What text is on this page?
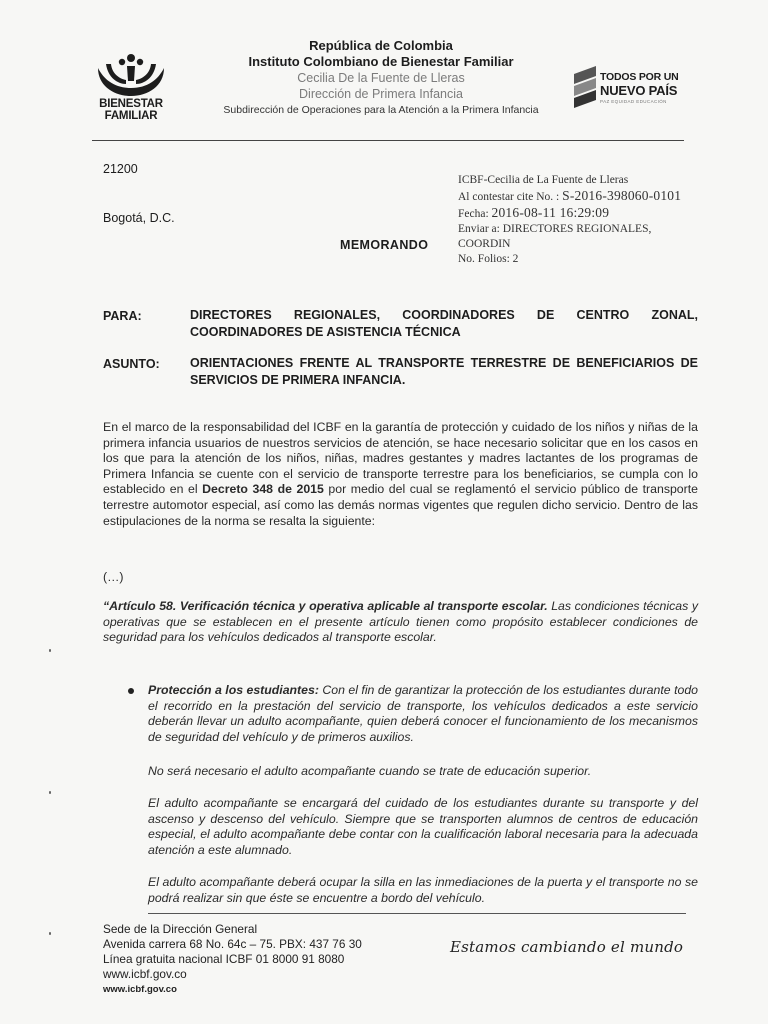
BIENESTAR FAMILIAR
República de Colombia
Instituto Colombiano de Bienestar Familiar
Cecilia De la Fuente de Lleras
Dirección de Primera Infancia
Subdirección de Operaciones para la Atención a la Primera Infancia
TODOS POR UN
NUEVO PAÍS
PAZ EQUIDAD EDUCACIÓN
21200
Bogotá, D.C.
ICBF-Cecilia de La Fuente de Lleras
Al contestar cite No. : S-2016-398060-0101
Fecha: 2016-08-11 16:29:09
Enviar a: DIRECTORES REGIONALES,
COORDIN
No. Folios: 2
MEMORANDO
PARA:	DIRECTORES REGIONALES, COORDINADORES DE CENTRO ZONAL, COORDINADORES DE ASISTENCIA TÉCNICA
ASUNTO: ORIENTACIONES FRENTE AL TRANSPORTE TERRESTRE DE BENEFICIARIOS DE SERVICIOS DE PRIMERA INFANCIA.
En el marco de la responsabilidad del ICBF en la garantía de protección y cuidado de los niños y niñas de la primera infancia usuarios de nuestros servicios de atención, se hace necesario solicitar que en los casos en los que para la atención de los niños, niñas, madres gestantes y madres lactantes de los programas de Primera Infancia se cuente con el servicio de transporte terrestre para los beneficiarios, se cumpla con lo establecido en el Decreto 348 de 2015 por medio del cual se reglamentó el servicio público de transporte terrestre automotor especial, así como las demás normas vigentes que regulen dicho servicio. Dentro de las estipulaciones de la norma se resalta la siguiente:
(…)
“Artículo 58. Verificación técnica y operativa aplicable al transporte escolar. Las condiciones técnicas y operativas que se establecen en el presente artículo tienen como propósito establecer condiciones de seguridad para los vehículos dedicados al transporte escolar.
Protección a los estudiantes: Con el fin de garantizar la protección de los estudiantes durante todo el recorrido en la prestación del servicio de transporte, los vehículos dedicados a este servicio deberán llevar un adulto acompañante, quien deberá conocer el funcionamiento de los mecanismos de seguridad del vehículo y de primeros auxilios.
No será necesario el adulto acompañante cuando se trate de educación superior.
El adulto acompañante se encargará del cuidado de los estudiantes durante su transporte y del ascenso y descenso del vehículo. Siempre que se transporten alumnos de centros de educación especial, el adulto acompañante debe contar con la cualificación laboral necesaria para la adecuada atención a este alumnado.
El adulto acompañante deberá ocupar la silla en las inmediaciones de la puerta y el transporte no se podrá realizar sin que éste se encuentre a bordo del vehículo.
Sede de la Dirección General
Avenida carrera 68 No. 64c – 75. PBX: 437 76 30
Línea gratuita nacional ICBF 01 8000 91 8080
www.icbf.gov.co
www.icbf.gov.co
Estamos cambiando el mundo
